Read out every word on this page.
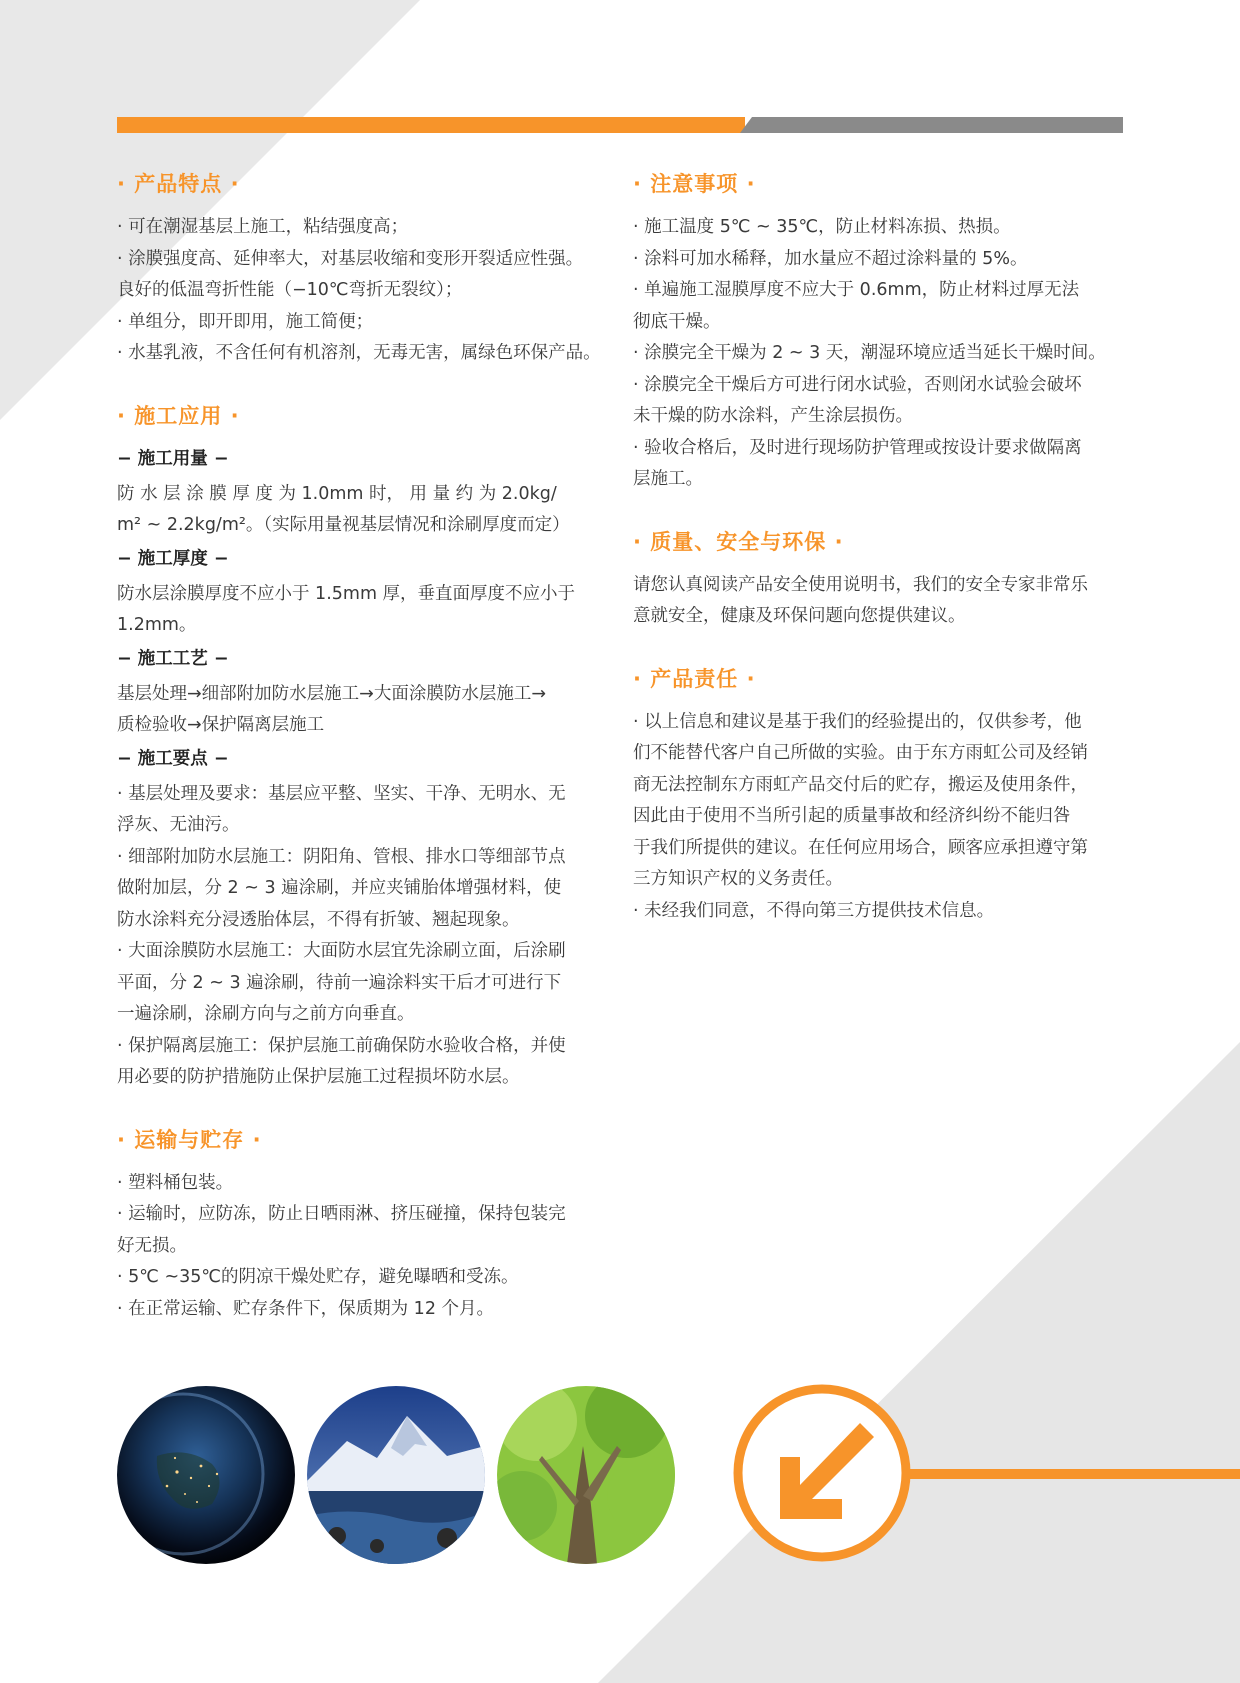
· 产品特点 ·

· 可在潮湿基层上施工，粘结强度高；

· 涂膜强度高、延伸率大，对基层收缩和变形开裂适应性强。

良好的低温弯折性能（−10℃弯折无裂纹）；

· 单组分，即开即用，施工简便；

· 水基乳液，不含任何有机溶剂，无毒无害，属绿色环保产品。

· 施工应用 ·
− 施工用量 −

防 水 层 涂 膜 厚 度 为 1.0mm 时， 用 量 约 为 2.0kg/

m² ~ 2.2kg/m²。（实际用量视基层情况和涂刷厚度而定）

− 施工厚度 −

防水层涂膜厚度不应小于 1.5mm 厚，垂直面厚度不应小于

1.2mm。

− 施工工艺 −

基层处理→细部附加防水层施工→大面涂膜防水层施工→

质检验收→保护隔离层施工

− 施工要点 −

· 基层处理及要求：基层应平整、坚实、干净、无明水、无

浮灰、无油污。

· 细部附加防水层施工：阴阳角、管根、排水口等细部节点

做附加层，分 2 ~ 3 遍涂刷，并应夹铺胎体增强材料，使

防水涂料充分浸透胎体层，不得有折皱、翘起现象。

· 大面涂膜防水层施工：大面防水层宜先涂刷立面，后涂刷

平面，分 2 ~ 3 遍涂刷，待前一遍涂料实干后才可进行下

一遍涂刷，涂刷方向与之前方向垂直。

· 保护隔离层施工：保护层施工前确保防水验收合格，并使

用必要的防护措施防止保护层施工过程损坏防水层。

· 运输与贮存 ·

· 塑料桶包装。

· 运输时，应防冻，防止日晒雨淋、挤压碰撞，保持包装完

好无损。

· 5℃ ~35℃的阴凉干燥处贮存，避免曝晒和受冻。

· 在正常运输、贮存条件下，保质期为 12 个月。

· 注意事项 ·

· 施工温度 5℃ ~ 35℃，防止材料冻损、热损。

· 涂料可加水稀释，加水量应不超过涂料量的 5%。

· 单遍施工湿膜厚度不应大于 0.6mm，防止材料过厚无法

彻底干燥。

· 涂膜完全干燥为 2 ~ 3 天，潮湿环境应适当延长干燥时间。

· 涂膜完全干燥后方可进行闭水试验，否则闭水试验会破坏

未干燥的防水涂料，产生涂层损伤。

· 验收合格后，及时进行现场防护管理或按设计要求做隔离

层施工。

· 质量、安全与环保 ·

请您认真阅读产品安全使用说明书，我们的安全专家非常乐

意就安全，健康及环保问题向您提供建议。

· 产品责任 ·

· 以上信息和建议是基于我们的经验提出的，仅供参考，他

们不能替代客户自己所做的实验。由于东方雨虹公司及经销

商无法控制东方雨虹产品交付后的贮存，搬运及使用条件，

因此由于使用不当所引起的质量事故和经济纠纷不能归咎

于我们所提供的建议。在任何应用场合，顾客应承担遵守第

三方知识产权的义务责任。

· 未经我们同意，不得向第三方提供技术信息。
